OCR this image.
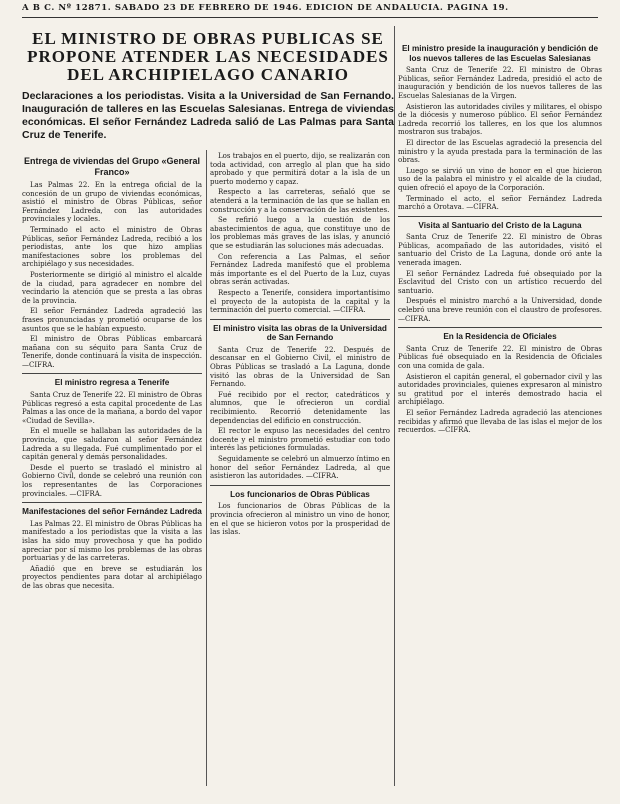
A B C. Nº 12871. SABADO 23 DE FEBRERO DE 1946. EDICION DE ANDALUCIA. PAGINA 19.
EL MINISTRO DE OBRAS PUBLICAS SE PROPONE ATENDER LAS NECESIDADES DEL ARCHIPIELAGO CANARIO
Declaraciones a los periodistas. Visita a la Universidad de San Fernando. Inauguración de talleres en las Escuelas Salesianas. Entrega de viviendas económicas. El señor Fernández Ladreda salió de Las Palmas para Santa Cruz de Tenerife.
Entrega de viviendas del Grupo «General Franco»

Las Palmas 22. En la entrega oficial de la concesión de un grupo de viviendas económicas, asistió el ministro de Obras Públicas, señor Fernández Ladreda, con las autoridades provinciales y locales.

Terminado el acto el ministro de Obras Públicas, señor Fernández Ladreda, recibió a los periodistas, ante los que hizo amplias manifestaciones sobre los problemas del archipiélago y sus necesidades.

Posteriormente se dirigió al ministro el alcalde de la ciudad, para agradecer en nombre del vecindario la atención que se presta a las obras de la provincia.

El señor Fernández Ladreda agradeció las frases pronunciadas y prometió ocuparse de los asuntos que se le habían expuesto.

El ministro de Obras Públicas embarcará mañana con su séquito para Santa Cruz de Tenerife, donde continuará la visita de inspección. —CIFRA.

El ministro regresa a Tenerife

Santa Cruz de Tenerife 22. El ministro de Obras Públicas regresó a esta capital procedente de Las Palmas a las once de la mañana, a bordo del vapor «Ciudad de Sevilla».

En el muelle se hallaban las autoridades de la provincia, que saludaron al señor Fernández Ladreda a su llegada. Fué cumplimentado por el capitán general y demás personalidades.

Desde el puerto se trasladó el ministro al Gobierno Civil, donde se celebró una reunión con los representantes de las Corporaciones provinciales. —CIFRA.

Manifestaciones del señor Fernández Ladreda

Las Palmas 22. El ministro de Obras Públicas ha manifestado a los periodistas que la visita a las islas ha sido muy provechosa y que ha podido apreciar por sí mismo los problemas de las obras portuarias y de las carreteras.

Añadió que en breve se estudiarán los proyectos pendientes para dotar al archipiélago de las obras que necesita.

Los trabajos en el puerto, dijo, se realizarán con toda actividad, con arreglo al plan que ha sido aprobado y que permitirá dotar a la isla de un puerto moderno y capaz.

Respecto a las carreteras, señaló que se atenderá a la terminación de las que se hallan en construcción y a la conservación de las existentes.

Se refirió luego a la cuestión de los abastecimientos de agua, que constituye uno de los problemas más graves de las islas, y anunció que se estudiarán las soluciones más adecuadas.

Con referencia a Las Palmas, el señor Fernández Ladreda manifestó que el problema más importante es el del Puerto de la Luz, cuyas obras serán activadas.

Respecto a Tenerife, considera importantísimo el proyecto de la autopista de la capital y la terminación del puerto comercial. —CIFRA.

El ministro visita las obras de la Universidad de San Fernando

Santa Cruz de Tenerife 22. Después de descansar en el Gobierno Civil, el ministro de Obras Públicas se trasladó a La Laguna, donde visitó las obras de la Universidad de San Fernando.

Fué recibido por el rector, catedráticos y alumnos, que le ofrecieron un cordial recibimiento. Recorrió detenidamente las dependencias del edificio en construcción.

El rector le expuso las necesidades del centro docente y el ministro prometió estudiar con todo interés las peticiones formuladas.

Seguidamente se celebró un almuerzo íntimo en honor del señor Fernández Ladreda, al que asistieron las autoridades. —CIFRA.

Los funcionarios de Obras Públicas

Los funcionarios de Obras Públicas de la provincia ofrecieron al ministro un vino de honor, en el que se hicieron votos por la prosperidad de las islas.

El ministro preside la inauguración y bendición de los nuevos talleres de las Escuelas Salesianas

Santa Cruz de Tenerife 22. El ministro de Obras Públicas, señor Fernández Ladreda, presidió el acto de inauguración y bendición de los nuevos talleres de las Escuelas Salesianas de la Virgen.

Asistieron las autoridades civiles y militares, el obispo de la diócesis y numeroso público. El señor Fernández Ladreda recorrió los talleres, en los que los alumnos mostraron sus trabajos.

El director de las Escuelas agradeció la presencia del ministro y la ayuda prestada para la terminación de las obras.

Luego se sirvió un vino de honor en el que hicieron uso de la palabra el ministro y el alcalde de la ciudad, quien ofreció el apoyo de la Corporación.

Terminado el acto, el señor Fernández Ladreda marchó a Orotava. —CIFRA.

Visita al Santuario del Cristo de la Laguna

Santa Cruz de Tenerife 22. El ministro de Obras Públicas, acompañado de las autoridades, visitó el santuario del Cristo de La Laguna, donde oró ante la venerada imagen.

El señor Fernández Ladreda fué obsequiado por la Esclavitud del Cristo con un artístico recuerdo del santuario.

Después el ministro marchó a la Universidad, donde celebró una breve reunión con el claustro de profesores. —CIFRA.

En la Residencia de Oficiales

Santa Cruz de Tenerife 22. El ministro de Obras Públicas fué obsequiado en la Residencia de Oficiales con una comida de gala.

Asistieron el capitán general, el gobernador civil y las autoridades provinciales, quienes expresaron al ministro su gratitud por el interés demostrado hacia el archipiélago.

El señor Fernández Ladreda agradeció las atenciones recibidas y afirmó que llevaba de las islas el mejor de los recuerdos. —CIFRA.
